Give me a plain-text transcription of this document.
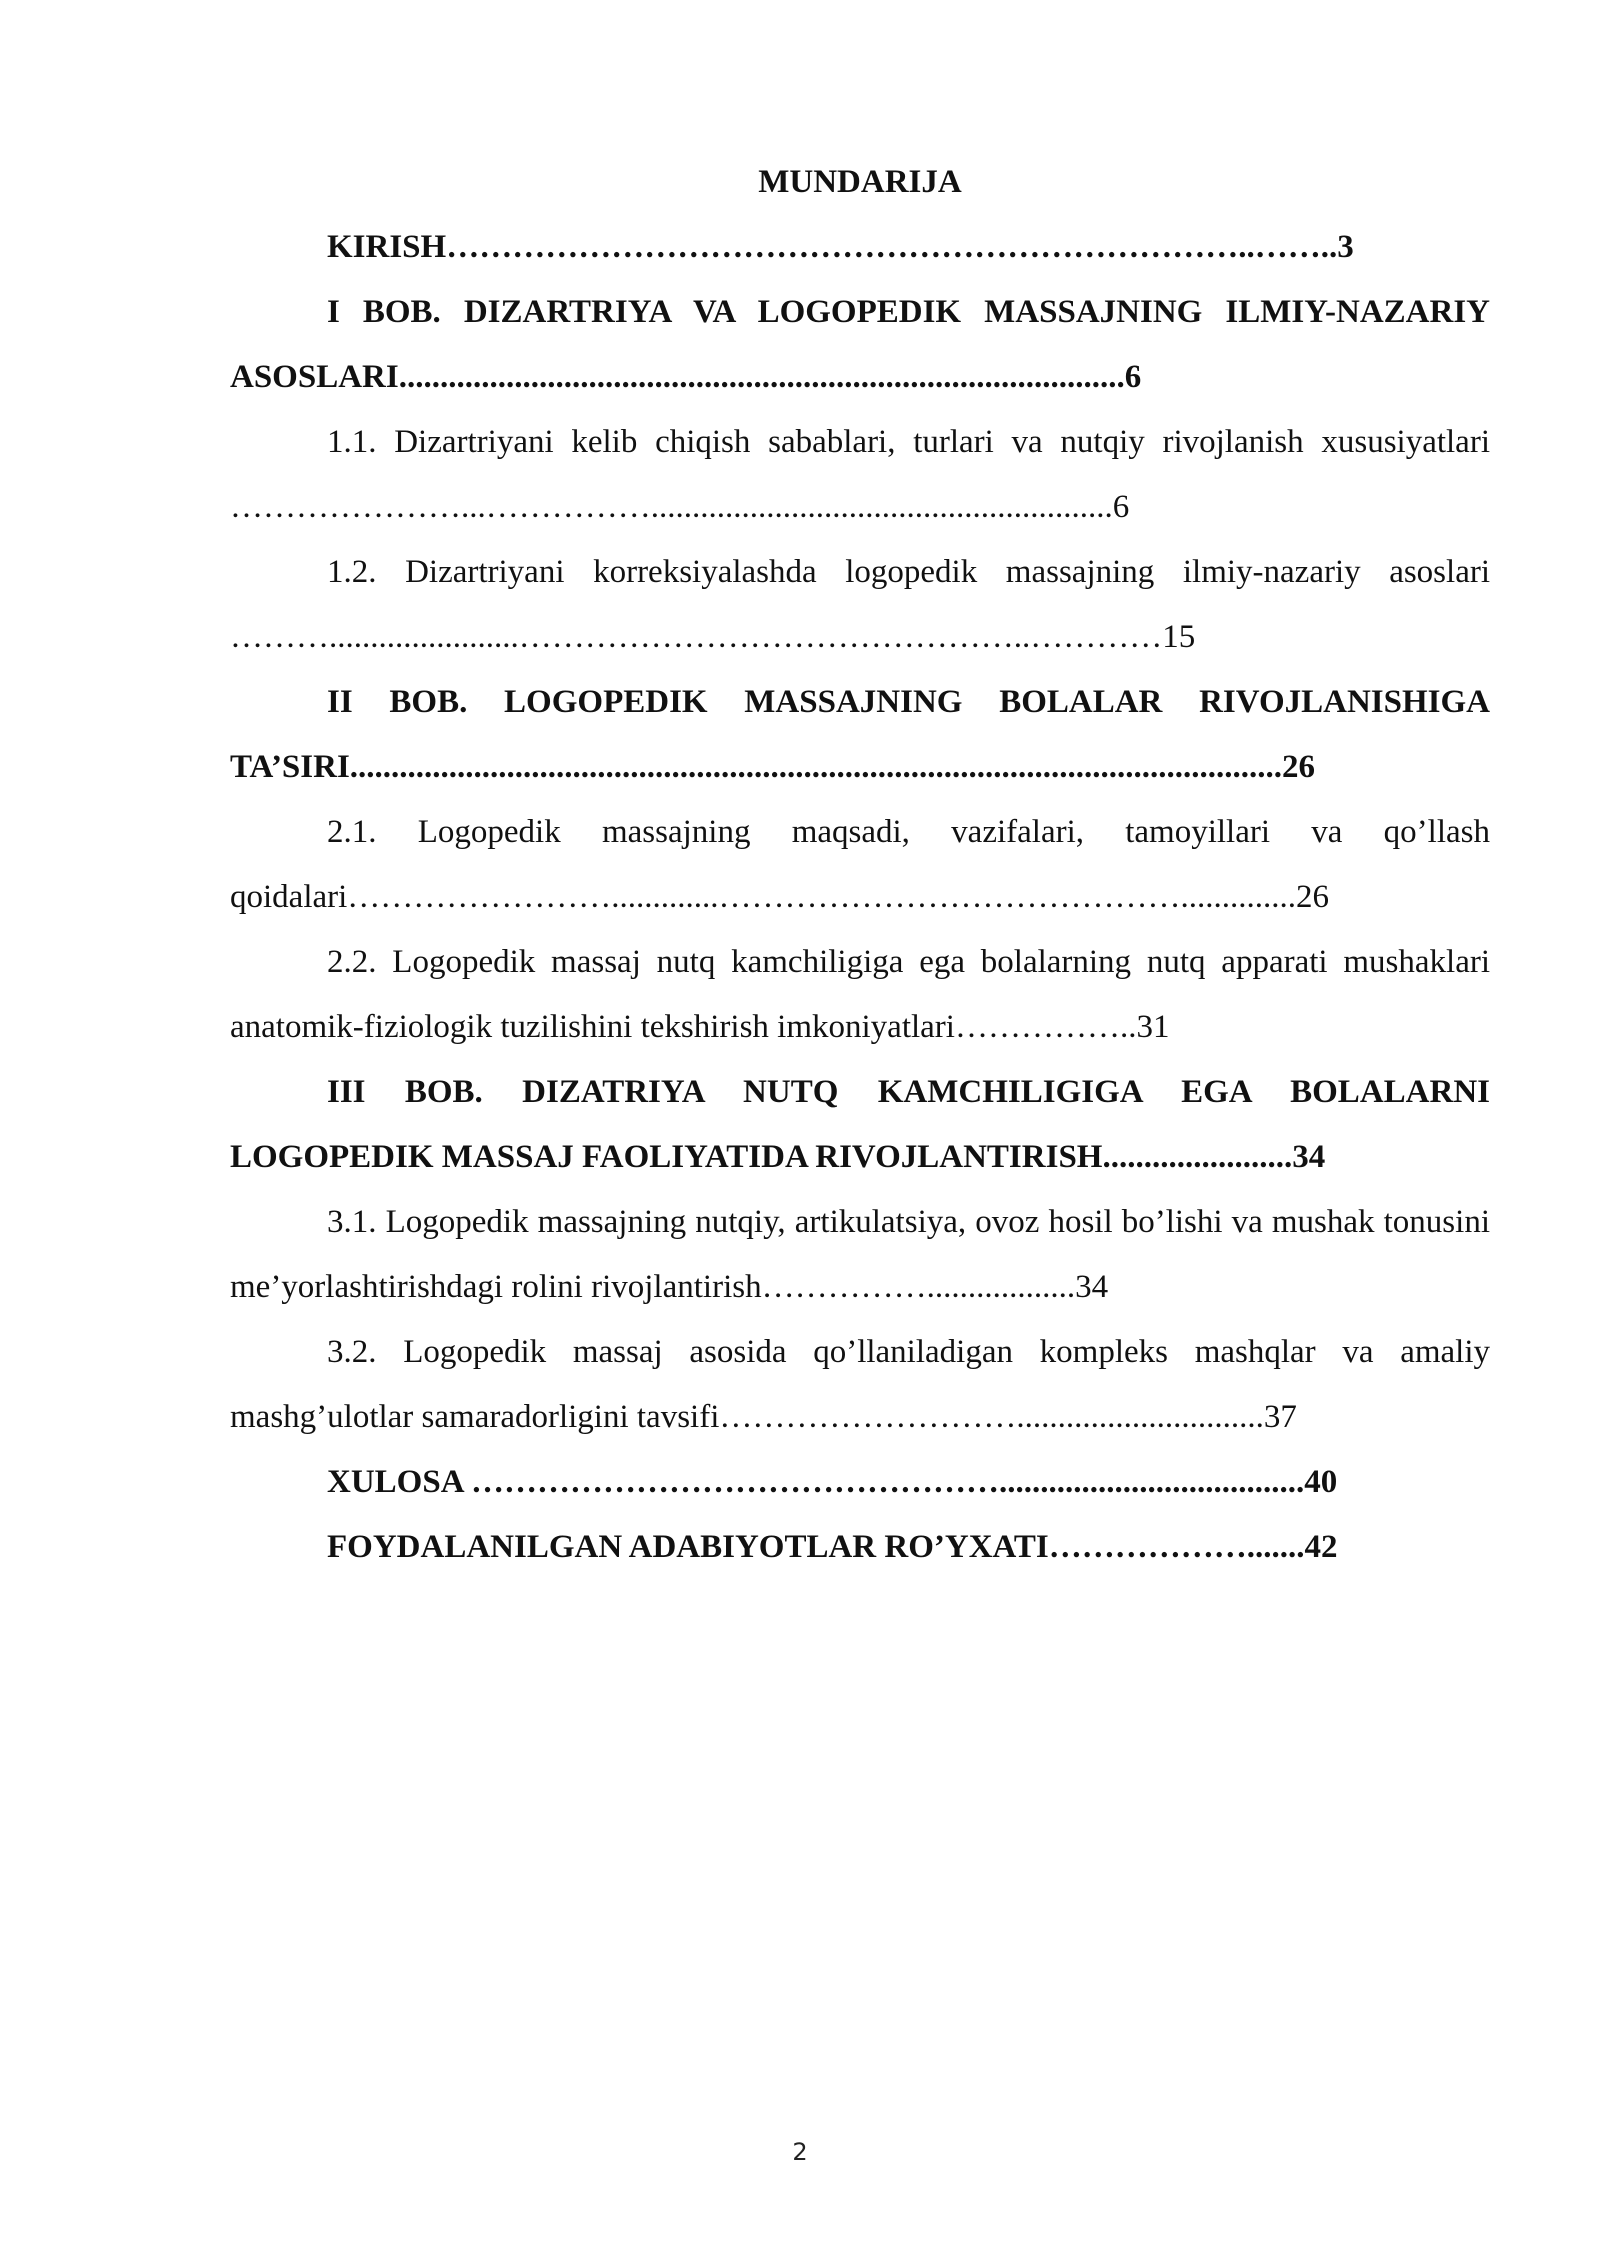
MUNDARIJA

KIRISH………………………………………………………………..……..3

I BOB. DIZARTRIYA VA LOGOPEDIK MASSAJNING ILMIY-NAZARIY ASOSLARI........................................................................................6

1.1. Dizartriyani kelib chiqish sabablari, turlari va nutqiy rivojlanish xususiyatlari …………………...……………........................................................6

1.2. Dizartriyani korreksiyalashda logopedik massajning ilmiy-nazariy asoslari ……….......................………………………………………..…………15

II BOB. LOGOPEDIK MASSAJNING BOLALAR RIVOJLANISHIGA TA’SIRI.................................................................................................................26

2.1. Logopedik massajning maqsadi, vazifalari, tamoyillari va qo’llash qoidalari…………………….............……………………………………..............26

2.2. Logopedik massaj nutq kamchiligiga ega bolalarning nutq apparati mushaklari anatomik-fiziologik tuzilishini tekshirish imkoniyatlari……………..31

III BOB. DIZATRIYA NUTQ KAMCHILIGIGA EGA BOLALARNI LOGOPEDIK MASSAJ FAOLIYATIDA RIVOJLANTIRISH.......................34

3.1. Logopedik massajning nutqiy, artikulatsiya, ovoz hosil bo’lishi va mushak tonusini me’yorlashtirishdagi rolini rivojlantirish……………..................34

3.2. Logopedik massaj asosida qo’llaniladigan kompleks mashqlar va amaliy mashg’ulotlar samaradorligini tavsifi………………………..............................37

XULOSA ………………………………………….....................................40

FOYDALANILGAN ADABIYOTLAR RO’YXATI……………….......42

2
